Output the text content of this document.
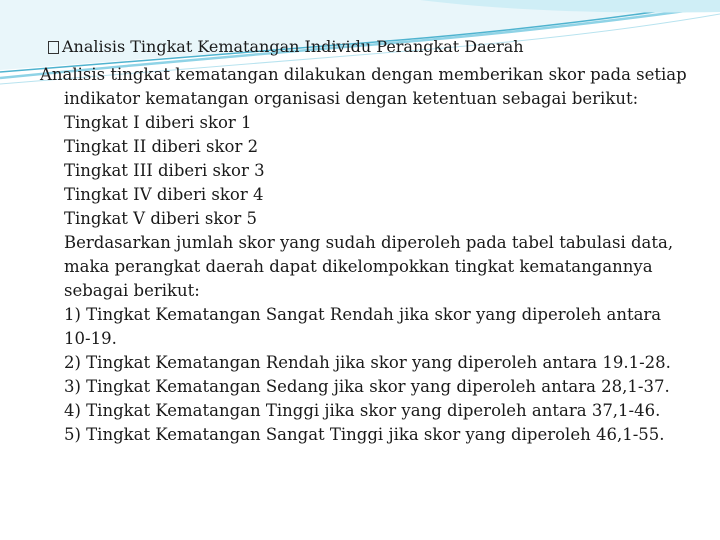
Analisis Tingkat Kematangan Individu Perangkat Daerah
Analisis tingkat kematangan dilakukan dengan memberikan skor pada setiap indikator kematangan organisasi dengan ketentuan sebagai berikut:
Tingkat I diberi skor 1
Tingkat II diberi skor 2
Tingkat III diberi skor 3
Tingkat IV diberi skor 4
Tingkat V diberi skor 5
Berdasarkan jumlah skor yang sudah diperoleh pada tabel tabulasi data, maka perangkat daerah dapat dikelompokkan tingkat kematangannya sebagai berikut:
1) Tingkat Kematangan Sangat Rendah jika skor yang diperoleh antara 10-19.
2) Tingkat Kematangan Rendah jika skor yang diperoleh antara 19.1-28.
3) Tingkat Kematangan Sedang jika skor yang diperoleh antara 28,1-37.
4) Tingkat Kematangan Tinggi jika skor yang diperoleh antara 37,1-46.
5) Tingkat Kematangan Sangat Tinggi jika skor yang diperoleh 46,1-55.
